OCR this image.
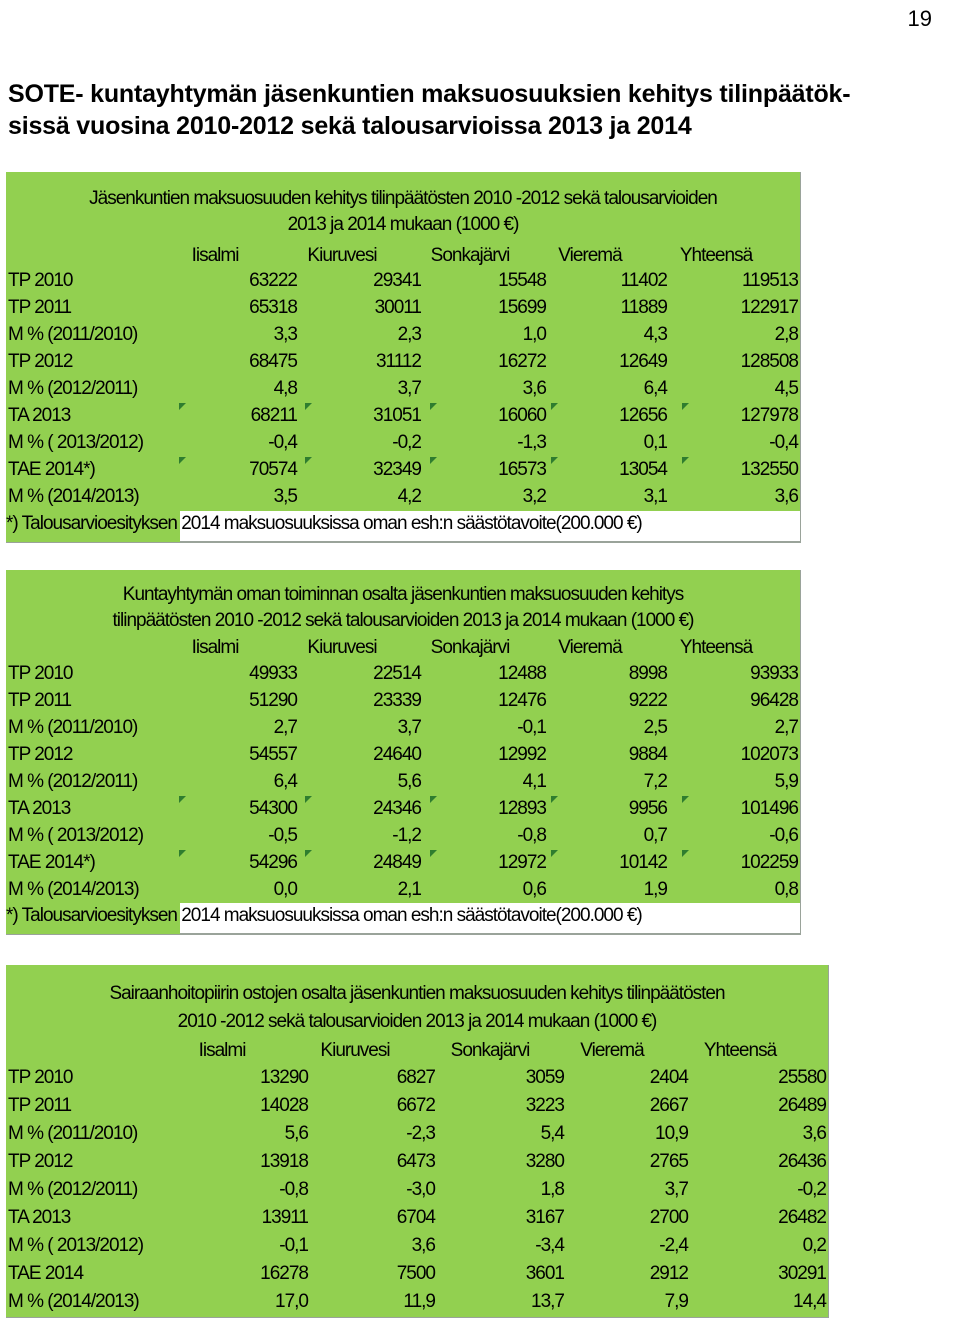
19
SOTE- kuntayhtymän jäsenkuntien maksuosuuksien kehitys tilinpäätök-
sissä vuosina 2010-2012 sekä talousarvioissa 2013 ja 2014
Jäsenkuntien maksuosuuden kehitys tilinpäätösten 2010 -2012 sekä talousarvioiden
2013 ja 2014 mukaan (1000 €)
Iisalmi	Kiuruvesi	Sonkajärvi	Vieremä	Yhteensä
TP 2010	63222	29341	15548	11402	119513
TP 2011	65318	30011	15699	11889	122917
M % (2011/2010)	3,3	2,3	1,0	4,3	2,8
TP 2012	68475	31112	16272	12649	128508
M % (2012/2011)	4,8	3,7	3,6	6,4	4,5
TA 2013	68211	31051	16060	12656	127978
M % ( 2013/2012)	-0,4	-0,2	-1,3	0,1	-0,4
TAE 2014*)	70574	32349	16573	13054	132550
M % (2014/2013)	3,5	4,2	3,2	3,1	3,6
*) Talousarvioesityksen 2014 maksuosuuksissa oman esh:n säästötavoite(200.000 €)
Kuntayhtymän oman toiminnan osalta jäsenkuntien maksuosuuden kehitys
tilinpäätösten 2010 -2012 sekä talousarvioiden 2013 ja 2014 mukaan (1000 €)
Iisalmi	Kiuruvesi	Sonkajärvi	Vieremä	Yhteensä
TP 2010	49933	22514	12488	8998	93933
TP 2011	51290	23339	12476	9222	96428
M % (2011/2010)	2,7	3,7	-0,1	2,5	2,7
TP 2012	54557	24640	12992	9884	102073
M % (2012/2011)	6,4	5,6	4,1	7,2	5,9
TA 2013	54300	24346	12893	9956	101496
M % ( 2013/2012)	-0,5	-1,2	-0,8	0,7	-0,6
TAE 2014*)	54296	24849	12972	10142	102259
M % (2014/2013)	0,0	2,1	0,6	1,9	0,8
*) Talousarvioesityksen 2014 maksuosuuksissa oman esh:n säästötavoite(200.000 €)
Sairaanhoitopiirin ostojen osalta jäsenkuntien maksuosuuden kehitys tilinpäätösten
2010 -2012 sekä talousarvioiden 2013 ja 2014 mukaan (1000 €)
Iisalmi	Kiuruvesi	Sonkajärvi	Vieremä	Yhteensä
TP 2010	13290	6827	3059	2404	25580
TP 2011	14028	6672	3223	2667	26489
M % (2011/2010)	5,6	-2,3	5,4	10,9	3,6
TP 2012	13918	6473	3280	2765	26436
M % (2012/2011)	-0,8	-3,0	1,8	3,7	-0,2
TA 2013	13911	6704	3167	2700	26482
M % ( 2013/2012)	-0,1	3,6	-3,4	-2,4	0,2
TAE 2014	16278	7500	3601	2912	30291
M % (2014/2013)	17,0	11,9	13,7	7,9	14,4
